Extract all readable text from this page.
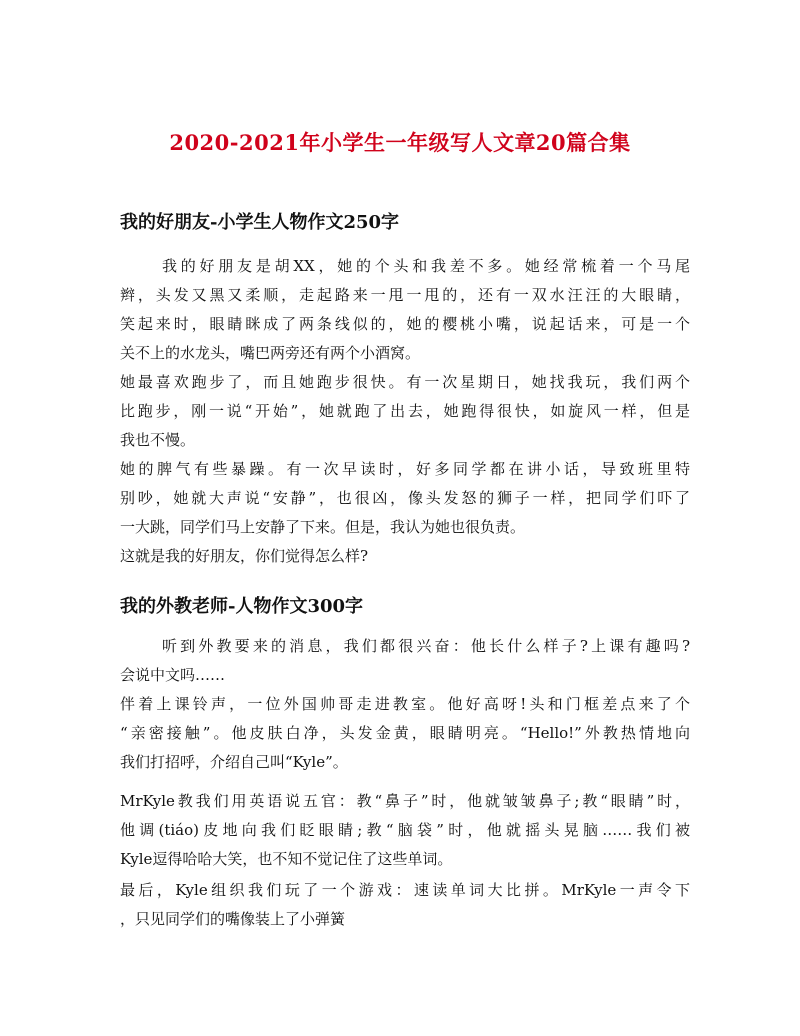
2020-2021年小学生一年级写人文章20篇合集
我的好朋友-小学生人物作文250字
我的好朋友是胡XX，她的个头和我差不多。她经常梳着一个马尾
辫，头发又黑又柔顺，走起路来一甩一甩的，还有一双水汪汪的大眼睛，
笑起来时，眼睛眯成了两条线似的，她的樱桃小嘴，说起话来，可是一个
关不上的水龙头，嘴巴两旁还有两个小酒窝。
她最喜欢跑步了，而且她跑步很快。有一次星期日，她找我玩，我们两个
比跑步，刚一说“开始”，她就跑了出去，她跑得很快，如旋风一样，但是
我也不慢。
她的脾气有些暴躁。有一次早读时，好多同学都在讲小话，导致班里特
别吵，她就大声说“安静”，也很凶，像头发怒的狮子一样，把同学们吓了
一大跳，同学们马上安静了下来。但是，我认为她也很负责。
这就是我的好朋友，你们觉得怎么样?
我的外教老师-人物作文300字
听到外教要来的消息，我们都很兴奋：他长什么样子?上课有趣吗?
会说中文吗……
伴着上课铃声，一位外国帅哥走进教室。他好高呀!头和门框差点来了个
“亲密接触”。他皮肤白净，头发金黄，眼睛明亮。“Hello!”外教热情地向
我们打招呼，介绍自己叫“Kyle”。
MrKyle教我们用英语说五官：教“鼻子”时，他就皱皱鼻子;教“眼睛”时，
他调(tiáo)皮地向我们眨眼睛;教“脑袋”时，他就摇头晃脑……我们被
Kyle逗得哈哈大笑，也不知不觉记住了这些单词。
最后，Kyle组织我们玩了一个游戏：速读单词大比拼。MrKyle一声令下
，只见同学们的嘴像装上了小弹簧
